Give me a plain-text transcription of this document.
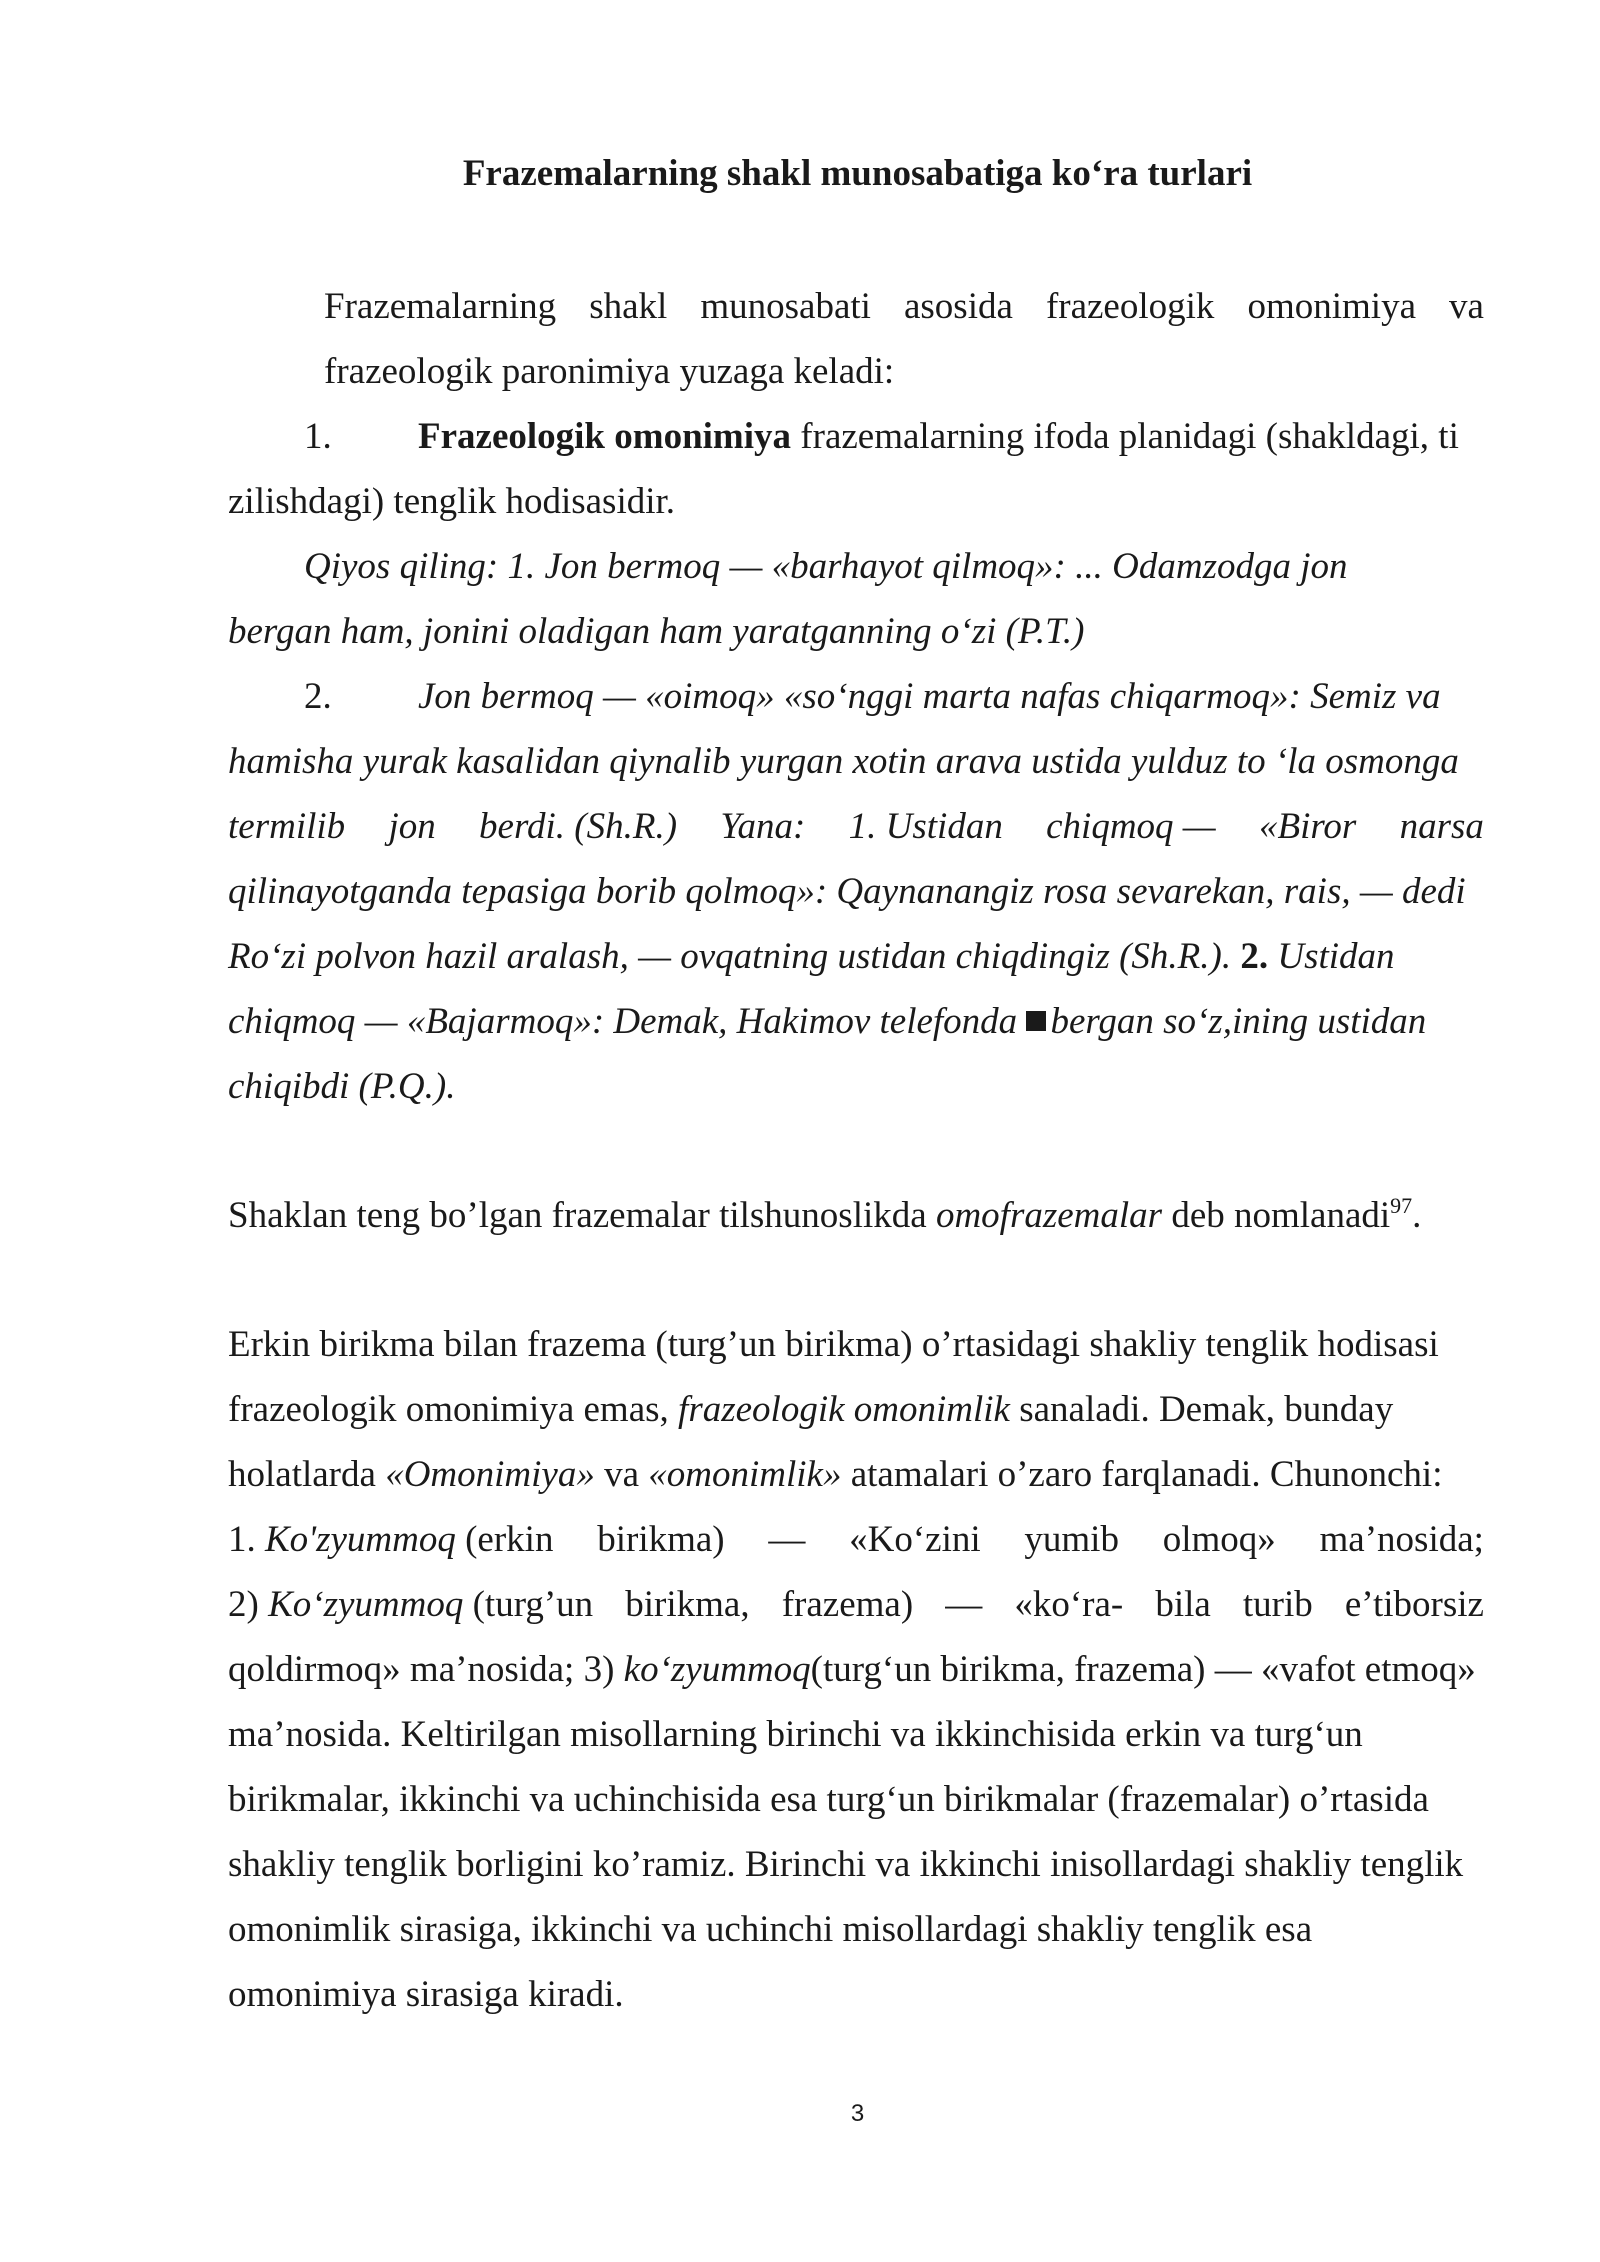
Frazemalarning shakl munosabatiga ko‘ra turlari
Frazemalarning shakl munosabati asosida frazeologik omonimiya va
frazeologik paronimiya yuzaga keladi:
1. Frazeologik omonimiya frazemalarning ifoda planidagi (shakldagi, ti
zilishdagi) tenglik hodisasidir.
Qiyos qiling: 1. Jon bermoq — «barhayot qilmoq»: ... Odamzodga jon
bergan ham, jonini oladigan ham yaratganning o‘zi (P.T.)
2. Jon bermoq — «oimoq» «so‘nggi marta nafas chiqarmoq»: Semiz va
hamisha yurak kasalidan qiynalib yurgan xotin arava ustida yulduz to ‘la osmonga
termilib jon berdi. (Sh.R.) Yana: 1. Ustidan chiqmoq — «Biror narsa
qilinayotganda tepasiga borib qolmoq»: Qaynanangiz rosa sevarekan, rais, — dedi
Ro‘zi polvon hazil aralash, — ovqatning ustidan chiqdingiz (Sh.R.). 2. Ustidan
chiqmoq — «Bajarmoq»: Demak, Hakimov telefonda bergan so‘z,ining ustidan
chiqibdi (P.Q.).
Shaklan teng bo’lgan frazemalar tilshunoslikda omofrazemalar deb nomlanadi$^{97}$.
Erkin birikma bilan frazema (turg’un birikma) o’rtasidagi shakliy tenglik hodisasi
frazeologik omonimiya emas, frazeologik omonimlik sanaladi. Demak, bunday
holatlarda «Omonimiya» va «omonimlik» atamalari o’zaro farqlanadi. Chunonchi:
1. Ko'zyummoq (erkin birikma) — «Ko‘zini yumib olmoq» ma’nosida;
2) Ko‘zyummoq (turg’un birikma, frazema) — «ko‘ra- bila turib e’tiborsiz
qoldirmoq» ma’nosida; 3) ko‘zyummoq(turg‘un birikma, frazema) — «vafot etmoq»
ma’nosida. Keltirilgan misollarning birinchi va ikkinchisida erkin va turg‘un
birikmalar, ikkinchi va uchinchisida esa turg‘un birikmalar (frazemalar) o’rtasida
shakliy tenglik borligini ko’ramiz. Birinchi va ikkinchi inisollardagi shakliy tenglik
omonimlik sirasiga, ikkinchi va uchinchi misollardagi shakliy tenglik esa
omonimiya sirasiga kiradi.
3
